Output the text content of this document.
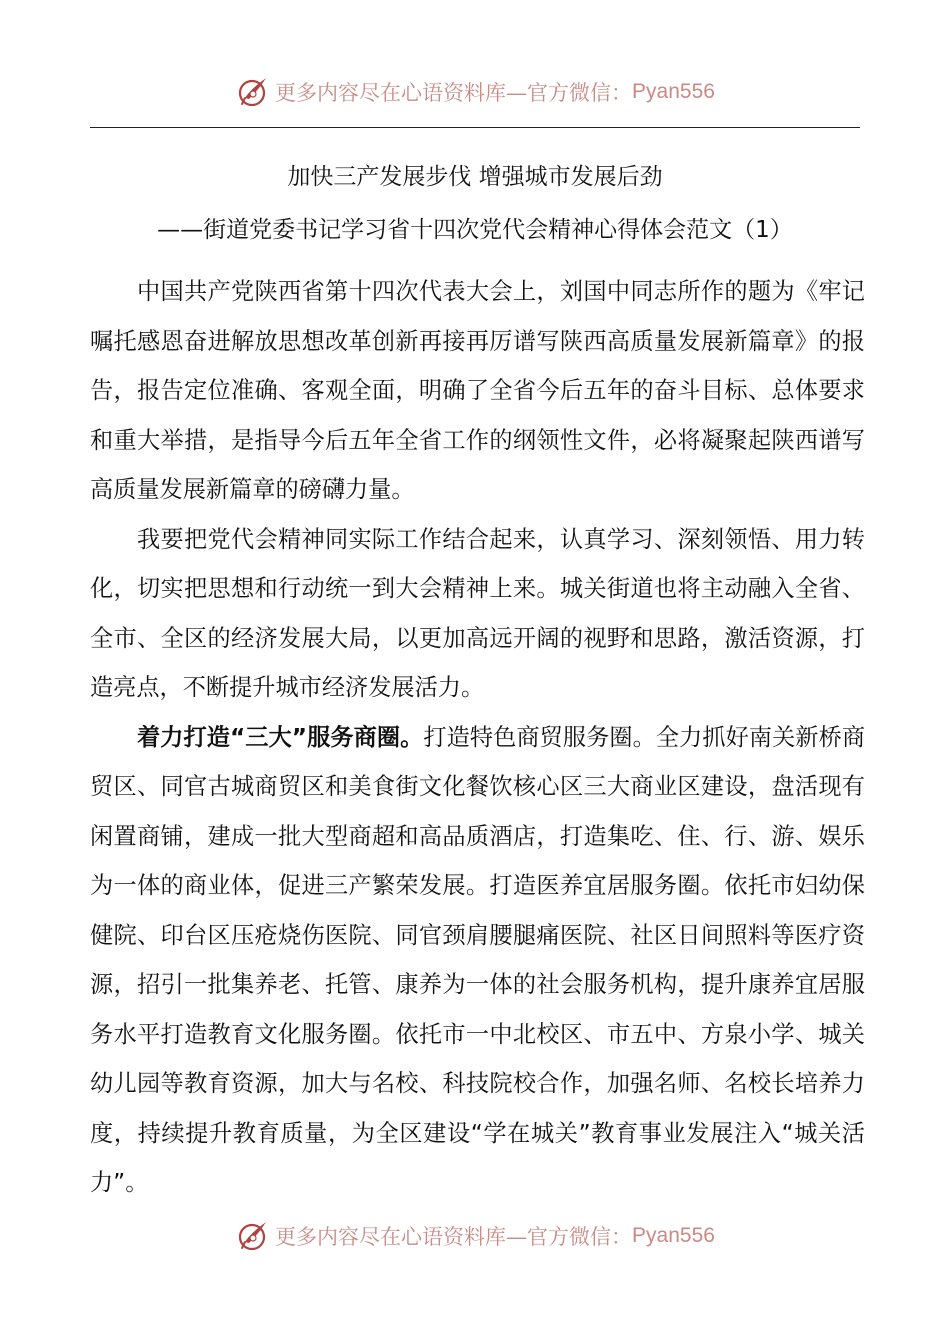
更多内容尽在心语资料库—官方微信： Pyan556
加快三产发展步伐 增强城市发展后劲
——街道党委书记学习省十四次党代会精神心得体会范文（1）

中国共产党陕西省第十四次代表大会上，刘国中同志所作的题为《牢记嘱托感恩奋进解放思想改革创新再接再厉谱写陕西高质量发展新篇章》的报告，报告定位准确、客观全面，明确了全省今后五年的奋斗目标、总体要求和重大举措，是指导今后五年全省工作的纲领性文件，必将凝聚起陕西谱写高质量发展新篇章的磅礴力量。

我要把党代会精神同实际工作结合起来，认真学习、深刻领悟、用力转化，切实把思想和行动统一到大会精神上来。城关街道也将主动融入全省、全市、全区的经济发展大局，以更加高远开阔的视野和思路，激活资源，打造亮点，不断提升城市经济发展活力。

着力打造“三大”服务商圈。打造特色商贸服务圈。全力抓好南关新桥商贸区、同官古城商贸区和美食街文化餐饮核心区三大商业区建设，盘活现有闲置商铺，建成一批大型商超和高品质酒店，打造集吃、住、行、游、娱乐为一体的商业体，促进三产繁荣发展。打造医养宜居服务圈。依托市妇幼保健院、印台区压疮烧伤医院、同官颈肩腰腿痛医院、社区日间照料等医疗资源，招引一批集养老、托管、康养为一体的社会服务机构，提升康养宜居服务水平打造教育文化服务圈。依托市一中北校区、市五中、方泉小学、城关幼儿园等教育资源，加大与名校、科技院校合作，加强名师、名校长培养力度，持续提升教育质量，为全区建设“学在城关”教育事业发展注入“城关活力”。

更多内容尽在心语资料库—官方微信： Pyan556
